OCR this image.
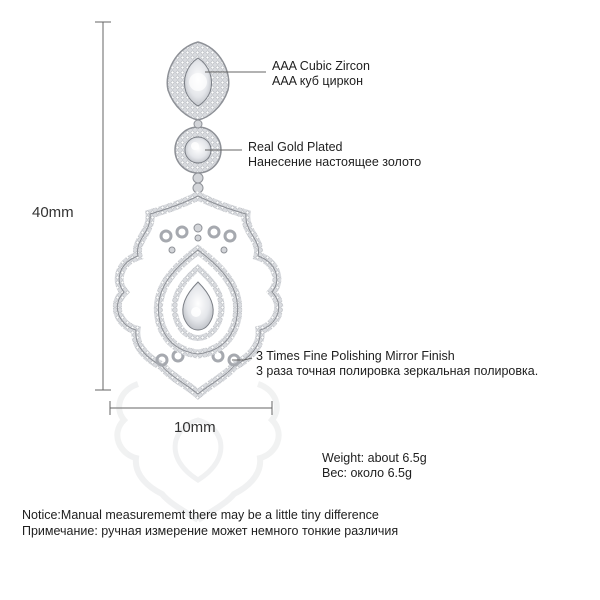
40mm
10mm
AAA Cubic Zircon
AAA куб циркон
Real Gold Plated
Нанесение настоящее золото
3 Times Fine Polishing Mirror Finish
3 раза точная полировка зеркальная полировка.
Weight: about 6.5g
Вес: около 6.5g
Notice:Manual measurememt there may be a little tiny difference
Примечание: ручная измерение может немного тонкие различия
